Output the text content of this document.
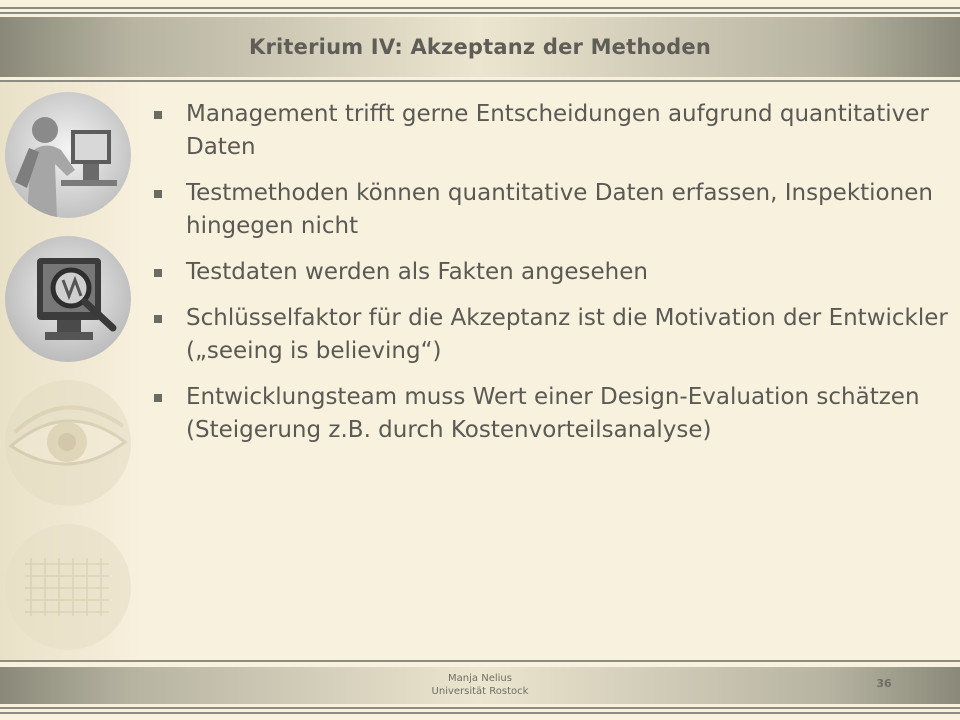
Kriterium IV: Akzeptanz der Methoden
Management trifft gerne Entscheidungen aufgrund quantitativer Daten
Testmethoden können quantitative Daten erfassen, Inspektionen hingegen nicht
Testdaten werden als Fakten angesehen
Schlüsselfaktor für die Akzeptanz ist die Motivation der Entwickler („seeing is believing“)
Entwicklungsteam muss Wert einer Design-Evaluation schätzen (Steigerung z.B. durch Kostenvorteilsanalyse)
Manja Nelius
Universität Rostock
36
